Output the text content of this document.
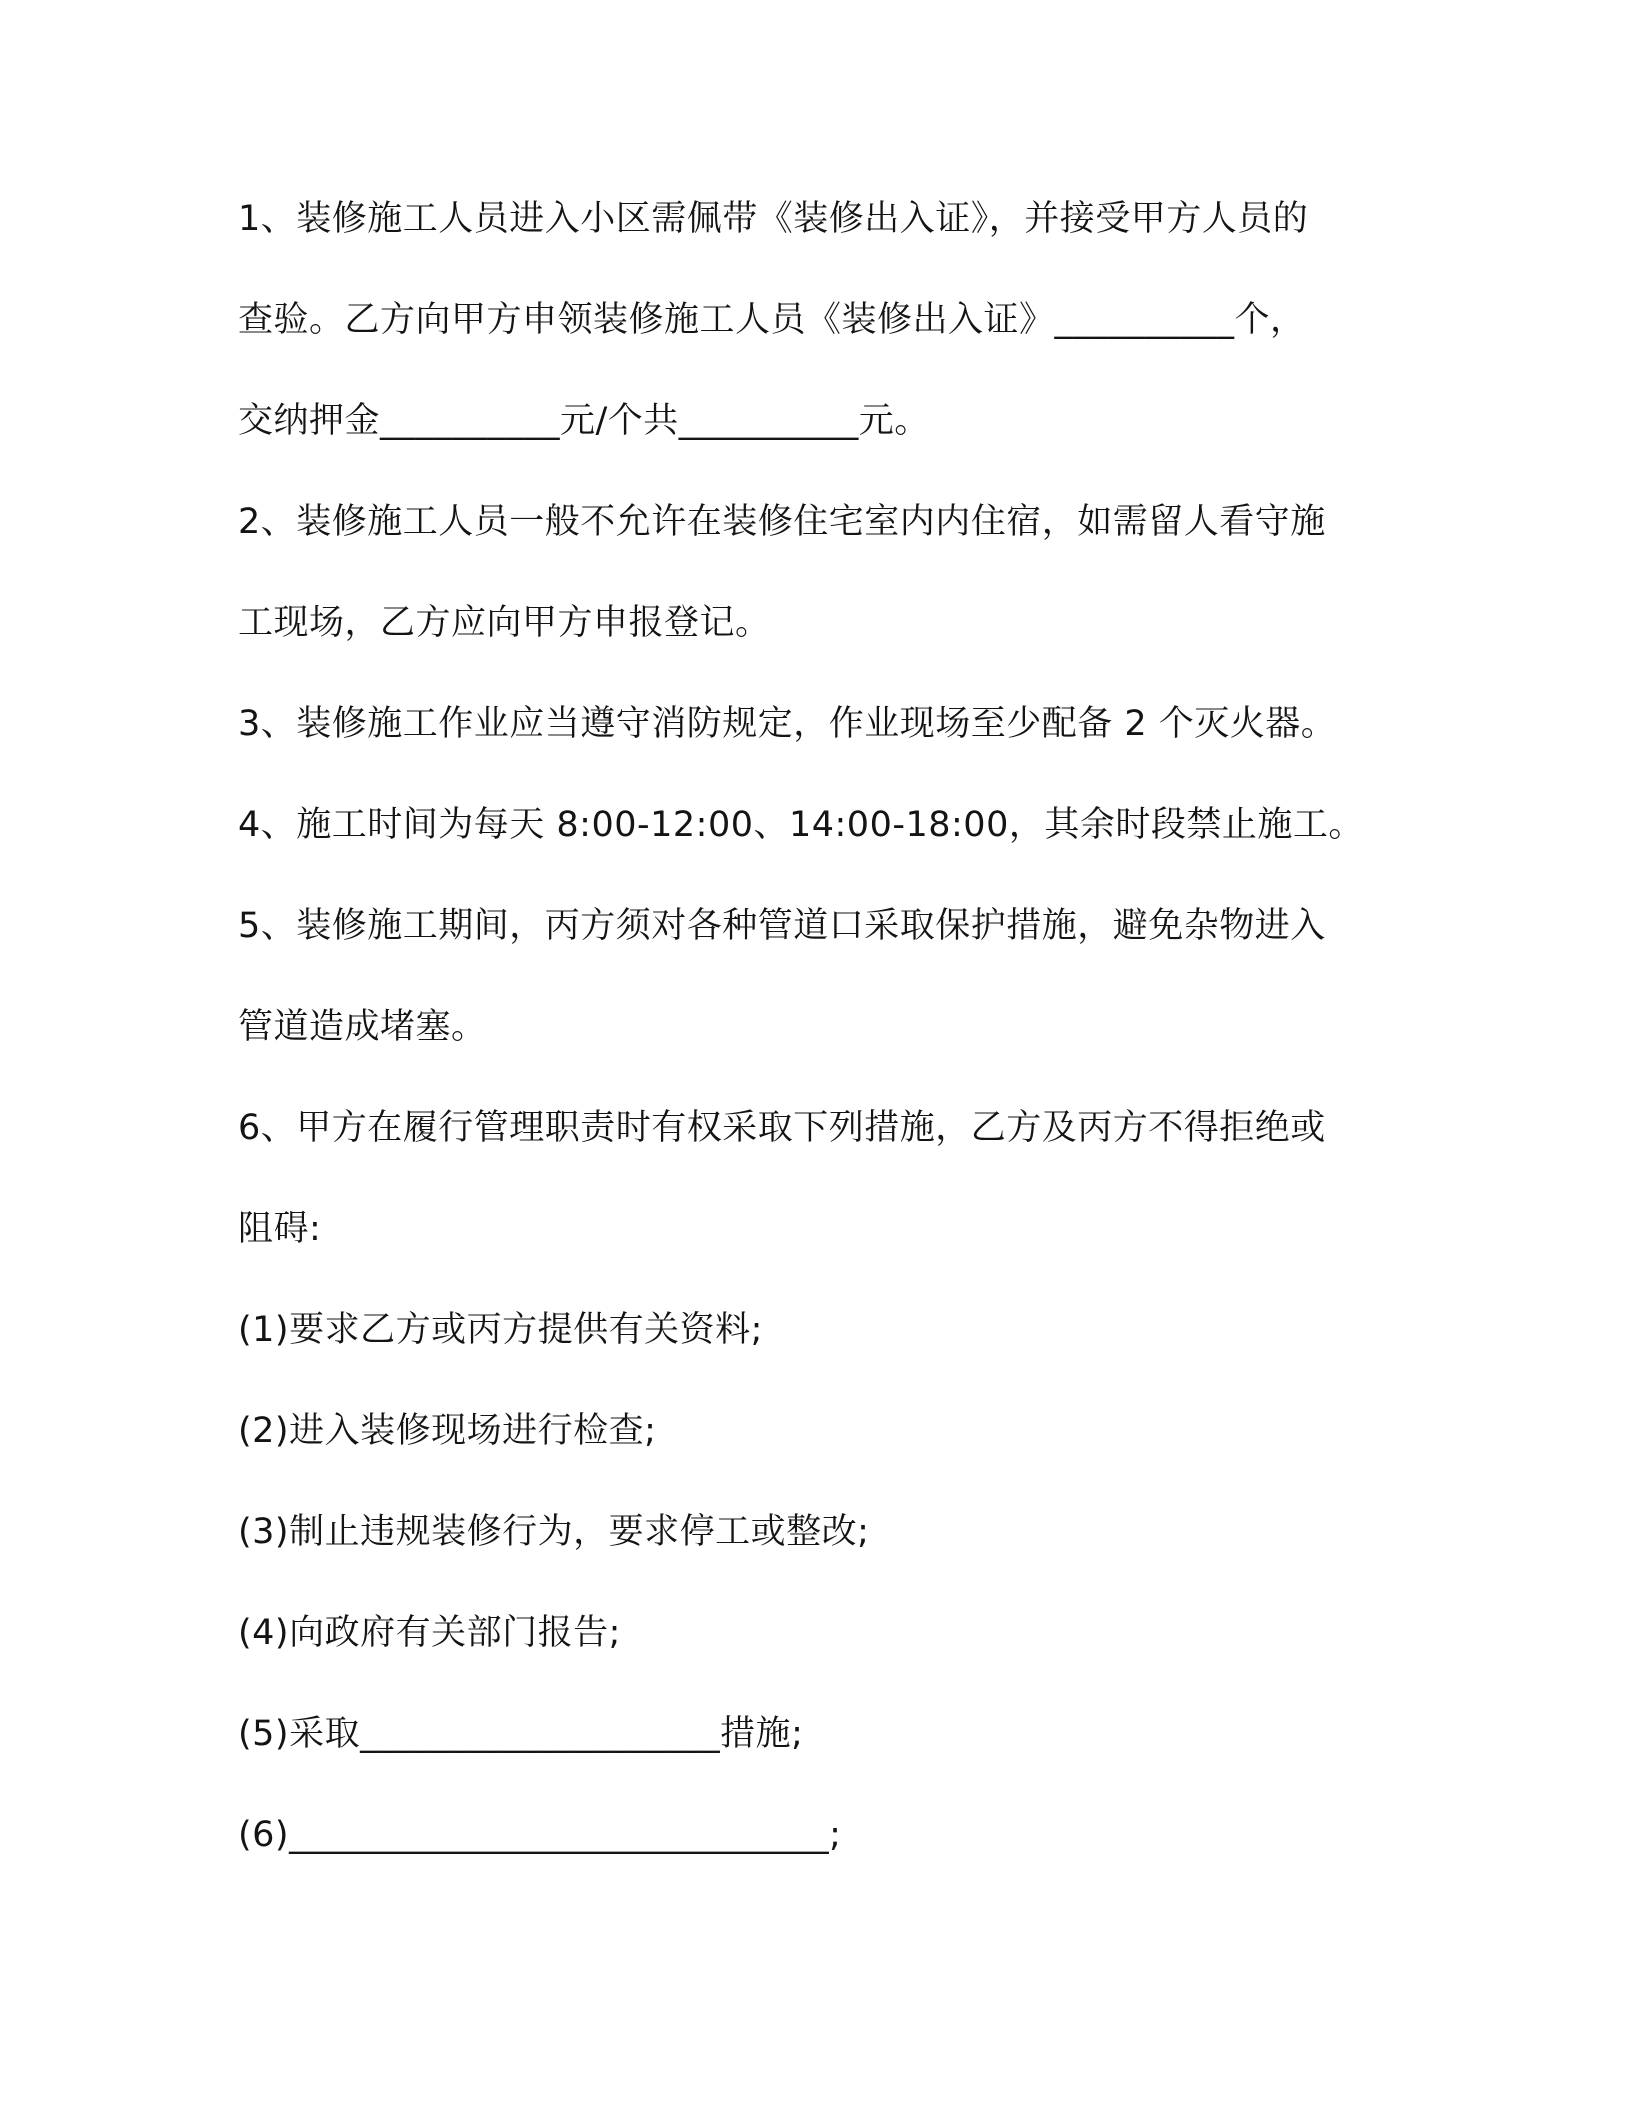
1、装修施工人员进入小区需佩带《装修出入证》，并接受甲方人员的
查验。乙方向甲方申领装修施工人员《装修出入证》__________个，
交纳押金__________元/个共__________元。
2、装修施工人员一般不允许在装修住宅室内内住宿，如需留人看守施
工现场，乙方应向甲方申报登记。
3、装修施工作业应当遵守消防规定，作业现场至少配备 2 个灭火器。
4、施工时间为每天 8:00-12:00、14:00-18:00，其余时段禁止施工。
5、装修施工期间，丙方须对各种管道口采取保护措施，避免杂物进入
管道造成堵塞。
6、甲方在履行管理职责时有权采取下列措施，乙方及丙方不得拒绝或
阻碍:
(1)要求乙方或丙方提供有关资料;
(2)进入装修现场进行检查;
(3)制止违规装修行为，要求停工或整改;
(4)向政府有关部门报告;
(5)采取____________________措施;
(6)______________________________;
